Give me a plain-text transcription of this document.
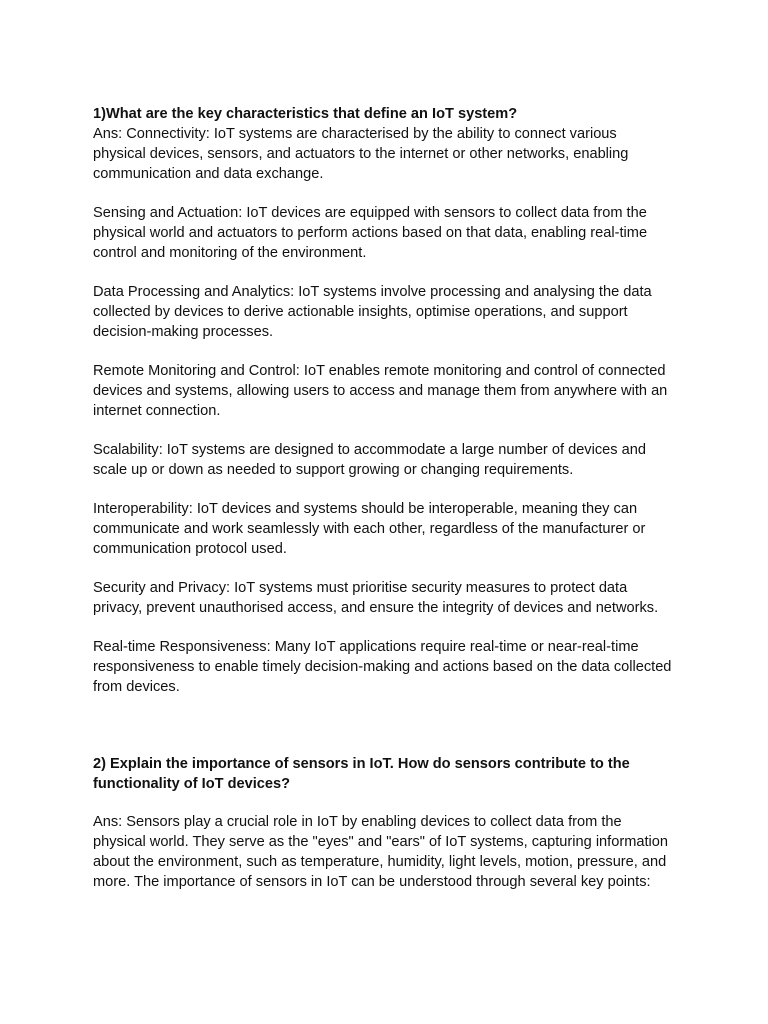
1)What are the key characteristics that define an IoT system?

Ans: Connectivity: IoT systems are characterised by the ability to connect various physical devices, sensors, and actuators to the internet or other networks, enabling communication and data exchange.

Sensing and Actuation: IoT devices are equipped with sensors to collect data from the physical world and actuators to perform actions based on that data, enabling real-time control and monitoring of the environment.

Data Processing and Analytics: IoT systems involve processing and analysing the data collected by devices to derive actionable insights, optimise operations, and support decision-making processes.

Remote Monitoring and Control: IoT enables remote monitoring and control of connected devices and systems, allowing users to access and manage them from anywhere with an internet connection.

Scalability: IoT systems are designed to accommodate a large number of devices and scale up or down as needed to support growing or changing requirements.

Interoperability: IoT devices and systems should be interoperable, meaning they can communicate and work seamlessly with each other, regardless of the manufacturer or communication protocol used.

Security and Privacy: IoT systems must prioritise security measures to protect data privacy, prevent unauthorised access, and ensure the integrity of devices and networks.

Real-time Responsiveness: Many IoT applications require real-time or near-real-time responsiveness to enable timely decision-making and actions based on the data collected from devices.

2) Explain the importance of sensors in IoT. How do sensors contribute to the functionality of IoT devices?

Ans: Sensors play a crucial role in IoT by enabling devices to collect data from the physical world. They serve as the "eyes" and "ears" of IoT systems, capturing information about the environment, such as temperature, humidity, light levels, motion, pressure, and more. The importance of sensors in IoT can be understood through several key points:
